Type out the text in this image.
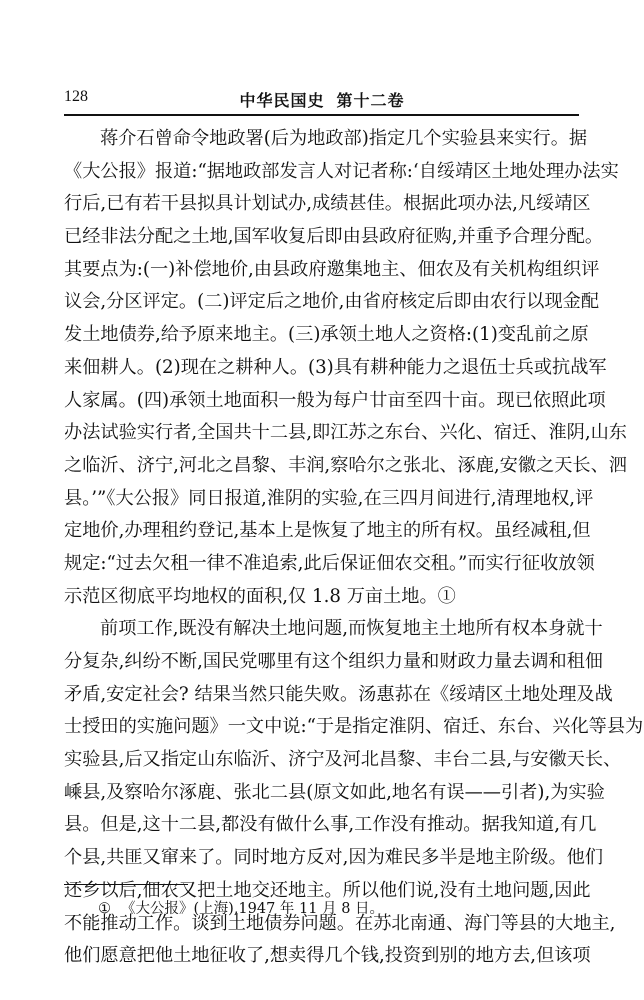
128	中华民国史 第十二卷
蒋介石曾命令地政署(后为地政部)指定几个实验县来实行。据
《大公报》报道:“据地政部发言人对记者称:‘自绥靖区土地处理办法实
行后,已有若干县拟具计划试办,成绩甚佳。根据此项办法,凡绥靖区
已经非法分配之土地,国军收复后即由县政府征购,并重予合理分配。
其要点为:(一)补偿地价,由县政府邀集地主、佃农及有关机构组织评
议会,分区评定。(二)评定后之地价,由省府核定后即由农行以现金配
发土地债券,给予原来地主。(三)承领土地人之资格:(1)变乱前之原
来佃耕人。(2)现在之耕种人。(3)具有耕种能力之退伍士兵或抗战军
人家属。(四)承领土地面积一般为每户廿亩至四十亩。现已依照此项
办法试验实行者,全国共十二县,即江苏之东台、兴化、宿迁、淮阴,山东
之临沂、济宁,河北之昌黎、丰润,察哈尔之张北、涿鹿,安徽之天长、泗
县。’”《大公报》同日报道,淮阴的实验,在三四月间进行,清理地权,评
定地价,办理租约登记,基本上是恢复了地主的所有权。虽经减租,但
规定:“过去欠租一律不准追索,此后保证佃农交租。”而实行征收放领
示范区彻底平均地权的面积,仅 1.8 万亩土地。①
前项工作,既没有解决土地问题,而恢复地主土地所有权本身就十
分复杂,纠纷不断,国民党哪里有这个组织力量和财政力量去调和租佃
矛盾,安定社会? 结果当然只能失败。汤惠荪在《绥靖区土地处理及战
士授田的实施问题》一文中说:“于是指定淮阴、宿迁、东台、兴化等县为
实验县,后又指定山东临沂、济宁及河北昌黎、丰台二县,与安徽天长、
嵊县,及察哈尔涿鹿、张北二县(原文如此,地名有误——引者),为实验
县。但是,这十二县,都没有做什么事,工作没有推动。据我知道,有几
个县,共匪又窜来了。同时地方反对,因为难民多半是地主阶级。他们
还乡以后,佃农又把土地交还地主。所以他们说,没有土地问题,因此
不能推动工作。谈到土地债券问题。在苏北南通、海门等县的大地主,
他们愿意把他土地征收了,想卖得几个钱,投资到别的地方去,但该项
① 《大公报》(上海),1947 年 11 月 8 日。
